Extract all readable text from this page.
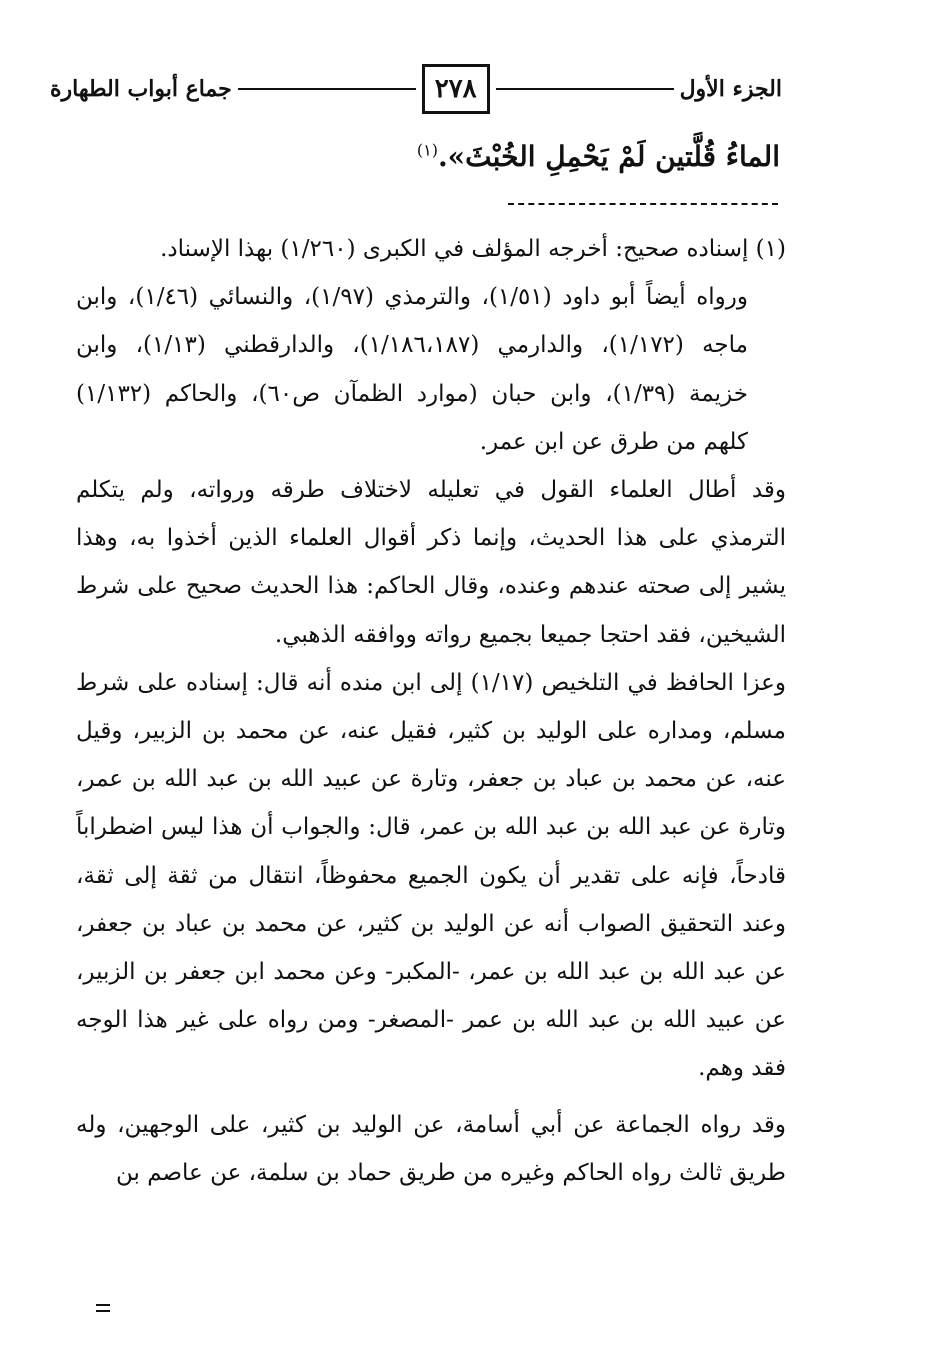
الجزء الأول
٢٧٨
جماع أبواب الطهارة
الماءُ قُلَّتين لَمْ يَحْمِلِ الخُبْثَ».$^{(١)}$

(١) إسناده صحيح: أخرجه المؤلف في الكبرى (١/٢٦٠) بهذا الإسناد.

ورواه أيضاً أبو داود (١/٥١)، والترمذي (١/٩٧)، والنسائي (١/٤٦)، وابن ماجه (١/١٧٢)، والدارمي (١/١٨٦،١٨٧)، والدارقطني (١/١٣)، وابن خزيمة (١/٣٩)، وابن حبان (موارد الظمآن ص٦٠)، والحاكم (١/١٣٢) كلهم من طرق عن ابن عمر.

وقد أطال العلماء القول في تعليله لاختلاف طرقه ورواته، ولم يتكلم الترمذي على هذا الحديث، وإنما ذكر أقوال العلماء الذين أخذوا به، وهذا يشير إلى صحته عندهم وعنده، وقال الحاكم: هذا الحديث صحيح على شرط الشيخين، فقد احتجا جميعا بجميع رواته ووافقه الذهبي.

وعزا الحافظ في التلخيص (١/١٧) إلى ابن منده أنه قال: إسناده على شرط مسلم، ومداره على الوليد بن كثير، فقيل عنه، عن محمد بن الزبير، وقيل عنه، عن محمد بن عباد بن جعفر، وتارة عن عبيد الله بن عبد الله بن عمر، وتارة عن عبد الله بن عبد الله بن عمر، قال: والجواب أن هذا ليس اضطراباً قادحاً، فإنه على تقدير أن يكون الجميع محفوظاً، انتقال من ثقة إلى ثقة، وعند التحقيق الصواب أنه عن الوليد بن كثير، عن محمد بن عباد بن جعفر، عن عبد الله بن عبد الله بن عمر، -المكبر- وعن محمد ابن جعفر بن الزبير، عن عبيد الله بن عبد الله بن عمر -المصغر- ومن رواه على غير هذا الوجه فقد وهم.

وقد رواه الجماعة عن أبي أسامة، عن الوليد بن كثير، على الوجهين، وله طريق ثالث رواه الحاكم وغيره من طريق حماد بن سلمة، عن عاصم بن
